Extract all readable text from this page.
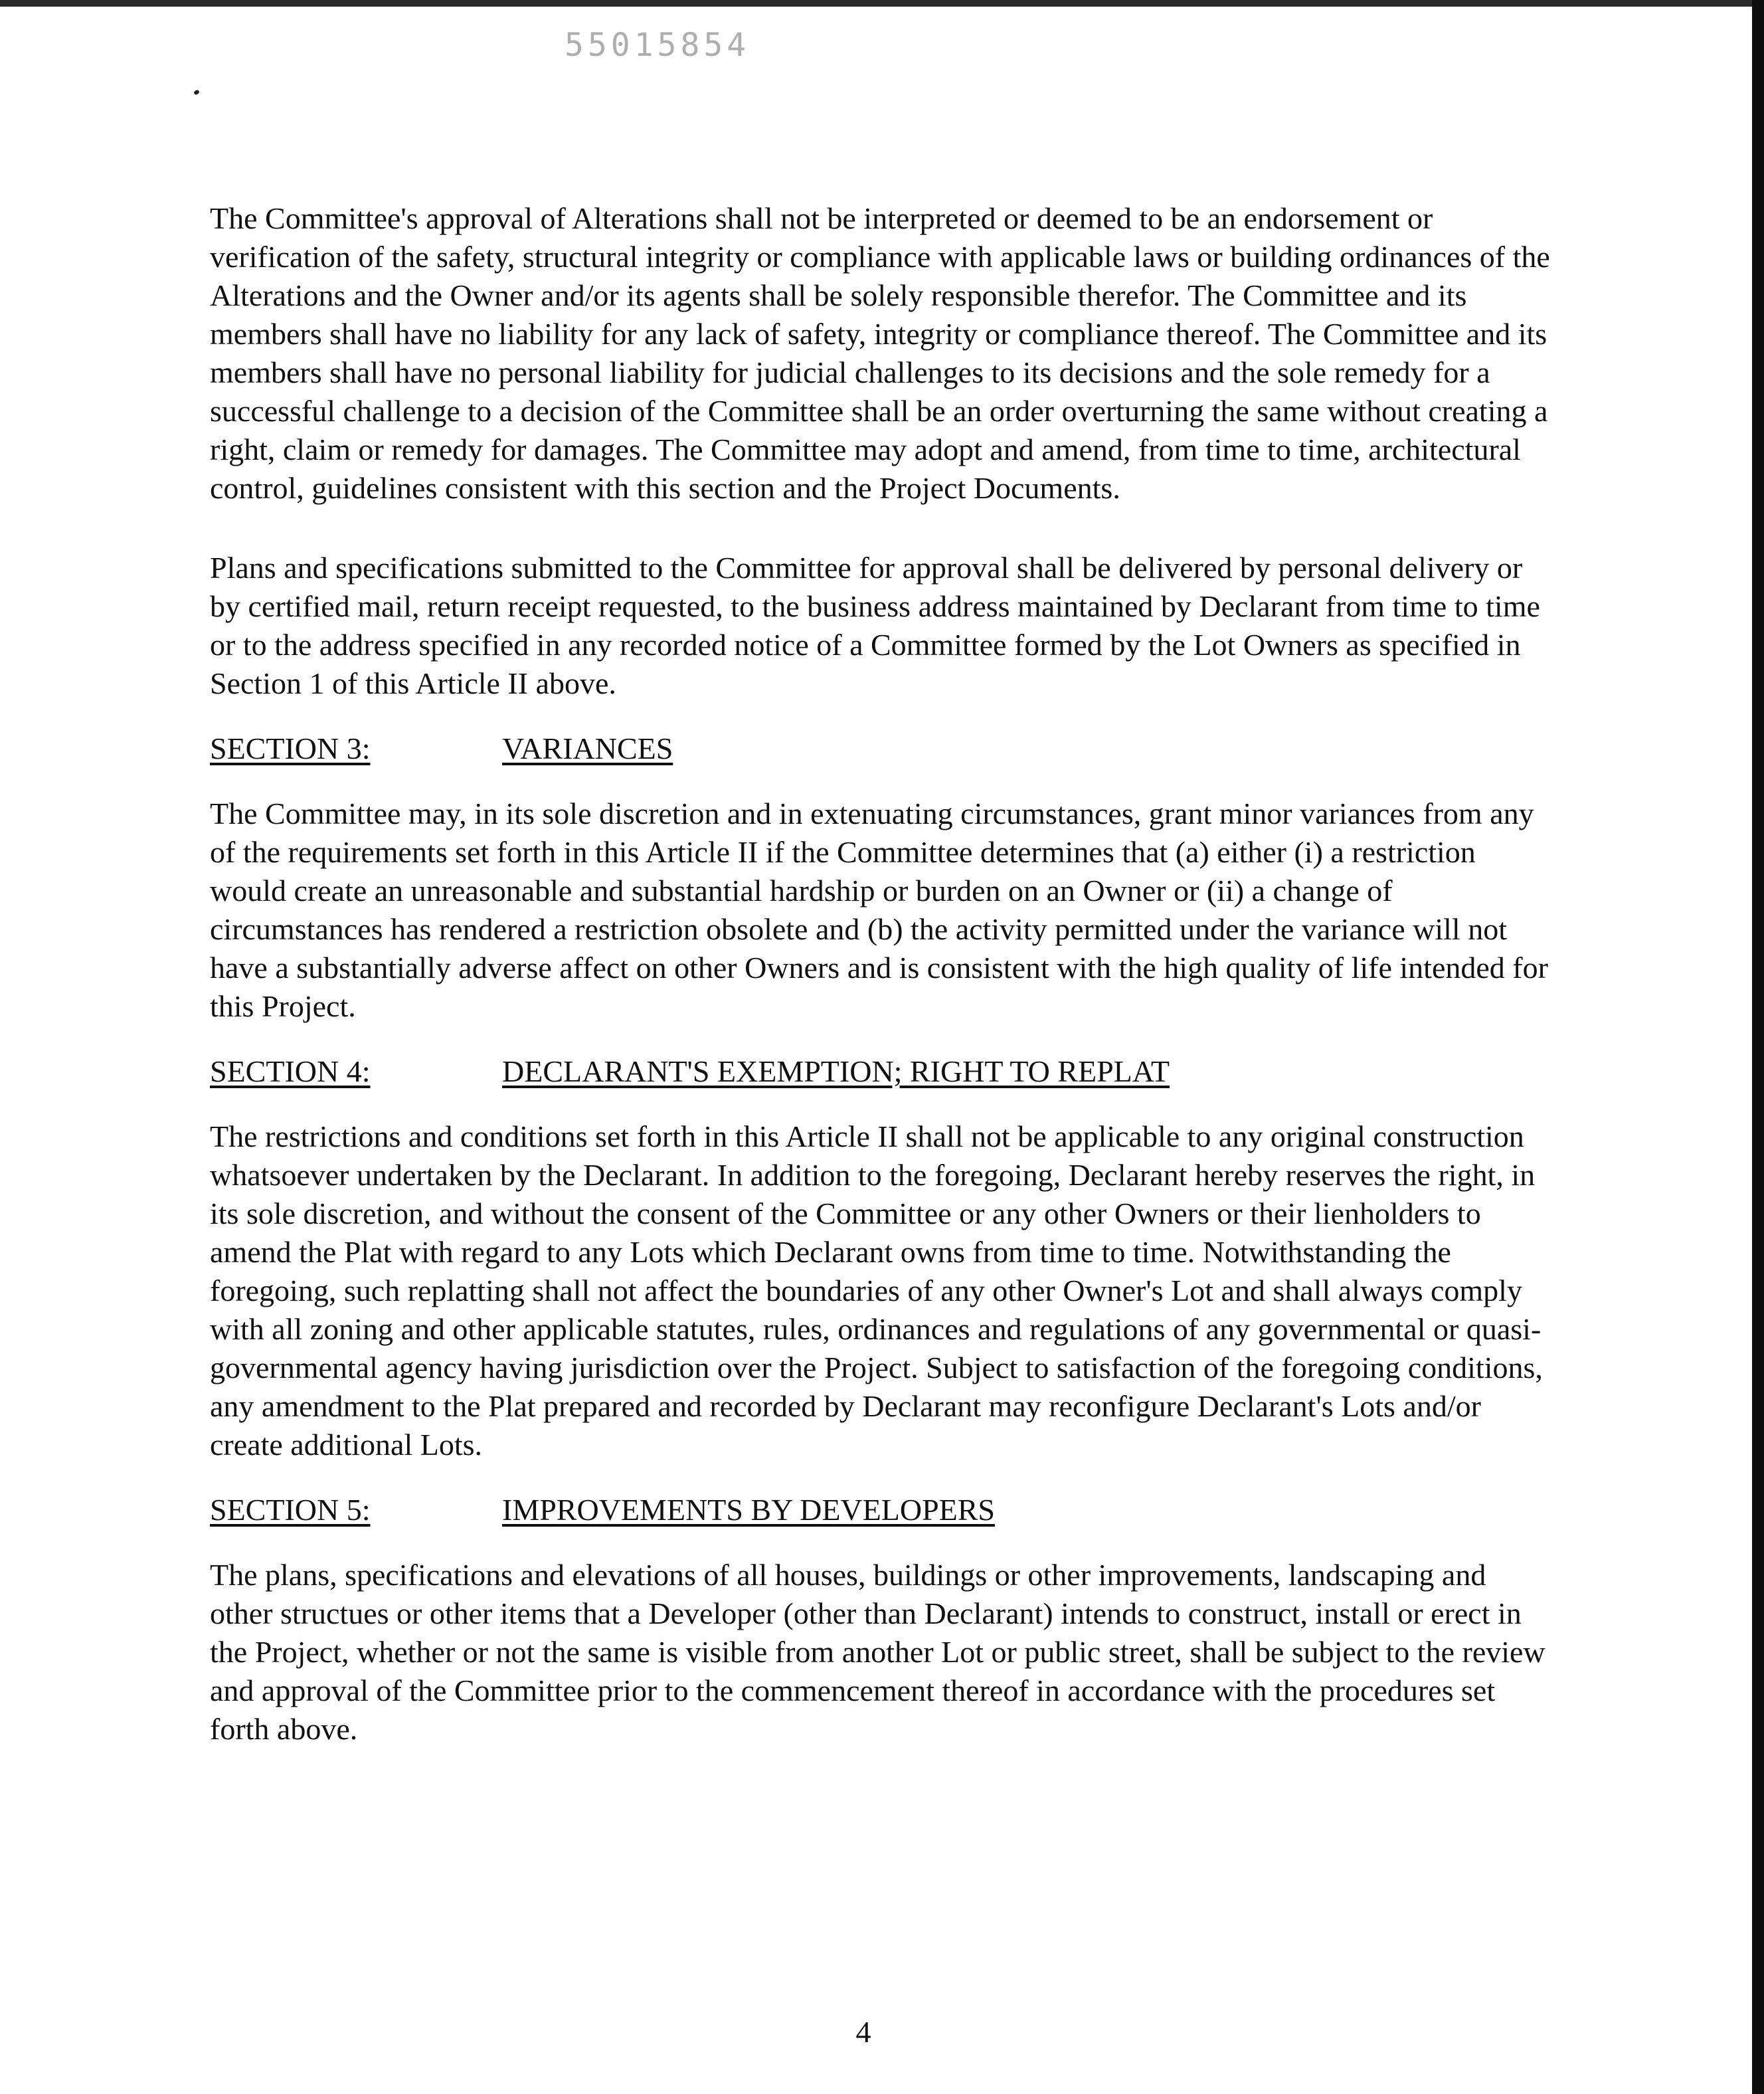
55015854

The Committee's approval of Alterations shall not be interpreted or deemed to be an endorsement or verification of the safety, structural integrity or compliance with applicable laws or building ordinances of the Alterations and the Owner and/or its agents shall be solely responsible therefor. The Committee and its members shall have no liability for any lack of safety, integrity or compliance thereof. The Committee and its members shall have no personal liability for judicial challenges to its decisions and the sole remedy for a successful challenge to a decision of the Committee shall be an order overturning the same without creating a right, claim or remedy for damages. The Committee may adopt and amend, from time to time, architectural control, guidelines consistent with this section and the Project Documents.

Plans and specifications submitted to the Committee for approval shall be delivered by personal delivery or by certified mail, return receipt requested, to the business address maintained by Declarant from time to time or to the address specified in any recorded notice of a Committee formed by the Lot Owners as specified in Section 1 of this Article II above.

SECTION 3:	VARIANCES

The Committee may, in its sole discretion and in extenuating circumstances, grant minor variances from any of the requirements set forth in this Article II if the Committee determines that (a) either (i) a restriction would create an unreasonable and substantial hardship or burden on an Owner or (ii) a change of circumstances has rendered a restriction obsolete and (b) the activity permitted under the variance will not have a substantially adverse affect on other Owners and is consistent with the high quality of life intended for this Project.

SECTION 4:	DECLARANT'S EXEMPTION; RIGHT TO REPLAT

The restrictions and conditions set forth in this Article II shall not be applicable to any original construction whatsoever undertaken by the Declarant. In addition to the foregoing, Declarant hereby reserves the right, in its sole discretion, and without the consent of the Committee or any other Owners or their lienholders to amend the Plat with regard to any Lots which Declarant owns from time to time. Notwithstanding the foregoing, such replatting shall not affect the boundaries of any other Owner's Lot and shall always comply with all zoning and other applicable statutes, rules, ordinances and regulations of any governmental or quasi-governmental agency having jurisdiction over the Project. Subject to satisfaction of the foregoing conditions, any amendment to the Plat prepared and recorded by Declarant may reconfigure Declarant's Lots and/or create additional Lots.

SECTION 5:	IMPROVEMENTS BY DEVELOPERS

The plans, specifications and elevations of all houses, buildings or other improvements, landscaping and other structues or other items that a Developer (other than Declarant) intends to construct, install or erect in the Project, whether or not the same is visible from another Lot or public street, shall be subject to the review and approval of the Committee prior to the commencement thereof in accordance with the procedures set forth above.

4
